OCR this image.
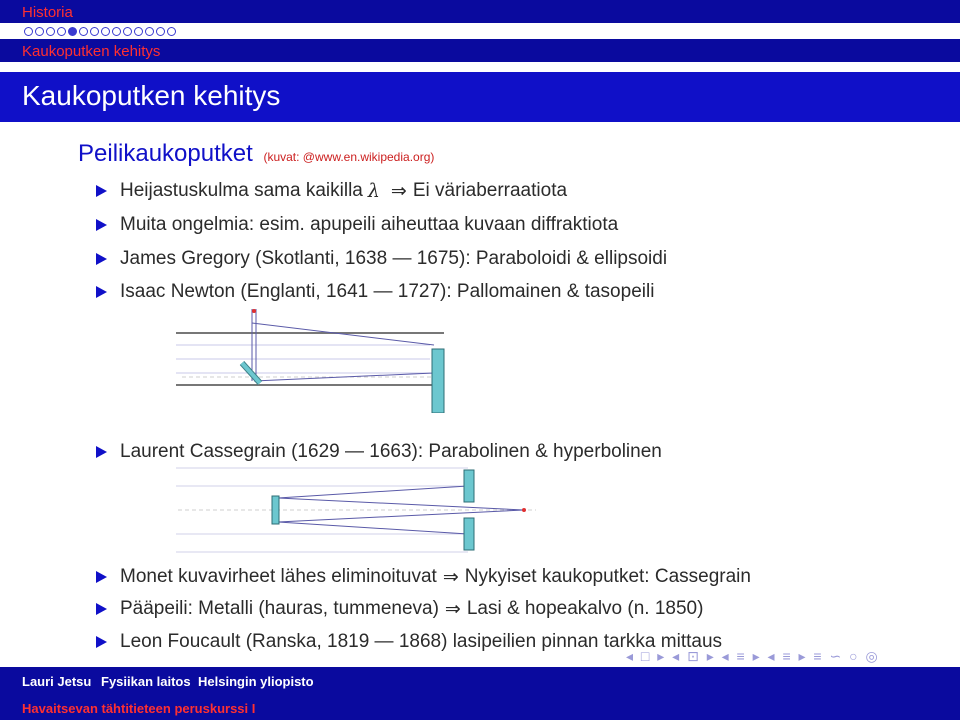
Historia
Kaukoputken kehitys
Kaukoputken kehitys
Peilikaukoputket (kuvat: @www.en.wikipedia.org)
Heijastuskulma sama kaikilla λ ⇒ Ei väriaberraatiota
Muita ongelmia: esim. apupeili aiheuttaa kuvaan diffraktiota
James Gregory (Skotlanti, 1638 — 1675): Paraboloidi & ellipsoidi
Isaac Newton (Englanti, 1641 — 1727): Pallomainen & tasopeili
Laurent Cassegrain (1629 — 1663): Parabolinen & hyperbolinen
Monet kuvavirheet lähes eliminoituvat ⇒ Nykyiset kaukoputket: Cassegrain
Pääpeili: Metalli (hauras, tummeneva) ⇒ Lasi & hopeakalvo (n. 1850)
Leon Foucault (Ranska, 1819 — 1868) lasipeilien pinnan tarkka mittaus
◂ □ ▸ ◂ ⊡ ▸ ◂ ≡ ▸ ◂ ≡ ▸ ≡ ∽ ○ ◎
Lauri Jetsu Fysiikan laitos Helsingin yliopisto
Havaitsevan tähtitieteen peruskurssi I
